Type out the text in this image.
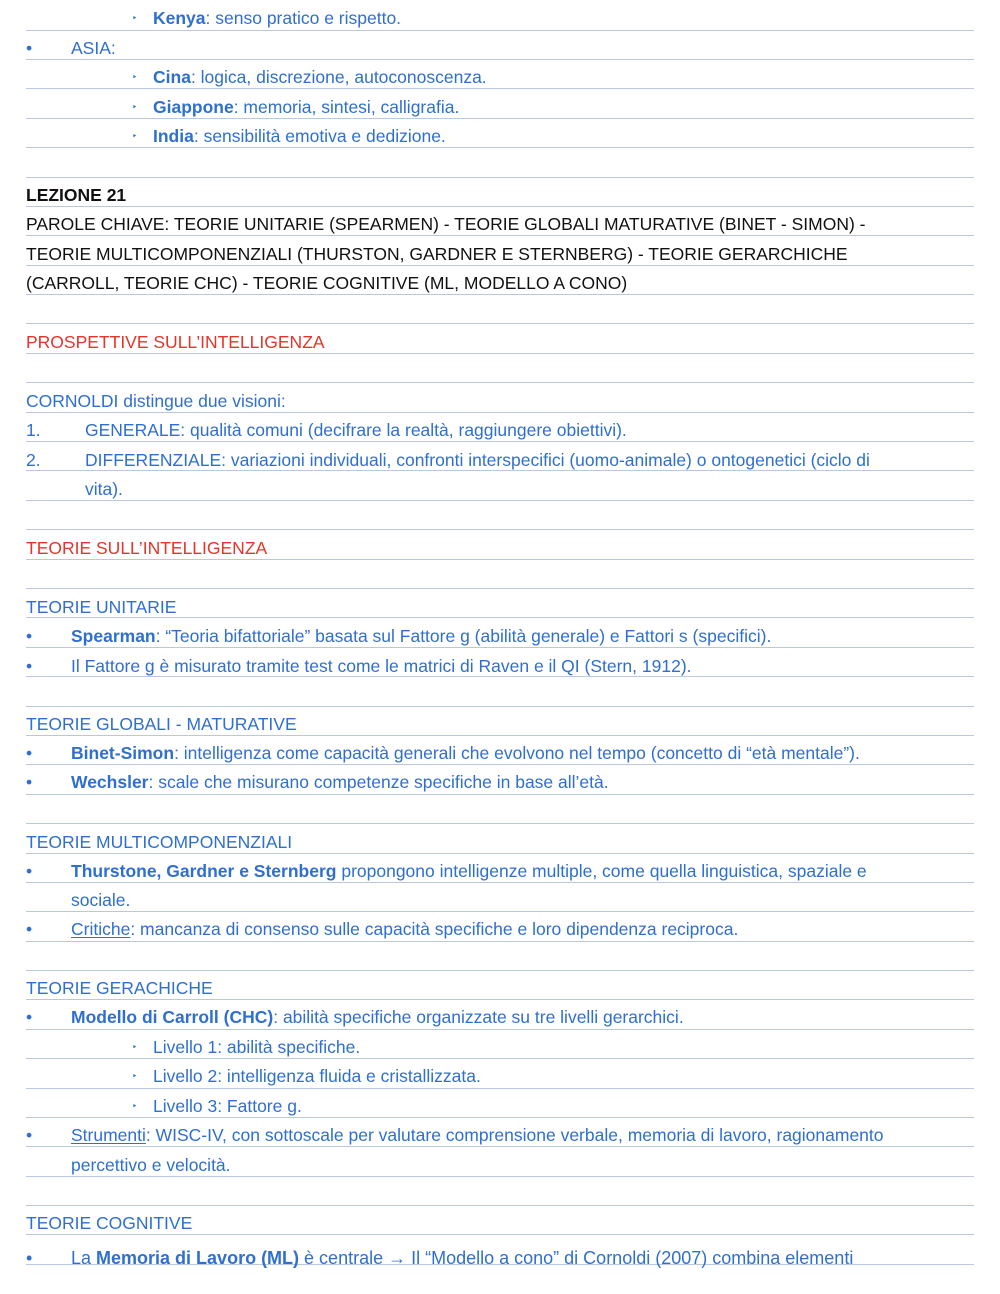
‣ Kenya: senso pratico e rispetto.
• ASIA:
‣ Cina: logica, discrezione, autoconoscenza.
‣ Giappone: memoria, sintesi, calligrafia.
‣ India: sensibilità emotiva e dedizione.
LEZIONE 21
PAROLE CHIAVE: TEORIE UNITARIE (SPEARMEN) - TEORIE GLOBALI MATURATIVE (BINET - SIMON) -
TEORIE MULTICOMPONENZIALI (THURSTON, GARDNER E STERNBERG) - TEORIE GERARCHICHE
(CARROLL, TEORIE CHC) - TEORIE COGNITIVE (ML, MODELLO A CONO)
PROSPETTIVE SULL’INTELLIGENZA
CORNOLDI distingue due visioni:
1.	GENERALE: qualità comuni (decifrare la realtà, raggiungere obiettivi).
2.	DIFFERENZIALE: variazioni individuali, confronti interspecifici (uomo-animale) o ontogenetici (ciclo di
vita).
TEORIE SULL’INTELLIGENZA
TEORIE UNITARIE
• Spearman: “Teoria bifattoriale” basata sul Fattore g (abilità generale) e Fattori s (specifici).
• Il Fattore g è misurato tramite test come le matrici di Raven e il QI (Stern, 1912).
TEORIE GLOBALI - MATURATIVE
• Binet-Simon: intelligenza come capacità generali che evolvono nel tempo (concetto di “età mentale”).
• Wechsler: scale che misurano competenze specifiche in base all’età.
TEORIE MULTICOMPONENZIALI
• Thurstone, Gardner e Sternberg propongono intelligenze multiple, come quella linguistica, spaziale e
sociale.
• Critiche: mancanza di consenso sulle capacità specifiche e loro dipendenza reciproca.
TEORIE GERACHICHE
• Modello di Carroll (CHC): abilità specifiche organizzate su tre livelli gerarchici.
‣ Livello 1: abilità specifiche.
‣ Livello 2: intelligenza fluida e cristallizzata.
‣ Livello 3: Fattore g.
• Strumenti: WISC-IV, con sottoscale per valutare comprensione verbale, memoria di lavoro, ragionamento
percettivo e velocità.
TEORIE COGNITIVE
• La Memoria di Lavoro (ML) è centrale → Il “Modello a cono” di Cornoldi (2007) combina elementi
